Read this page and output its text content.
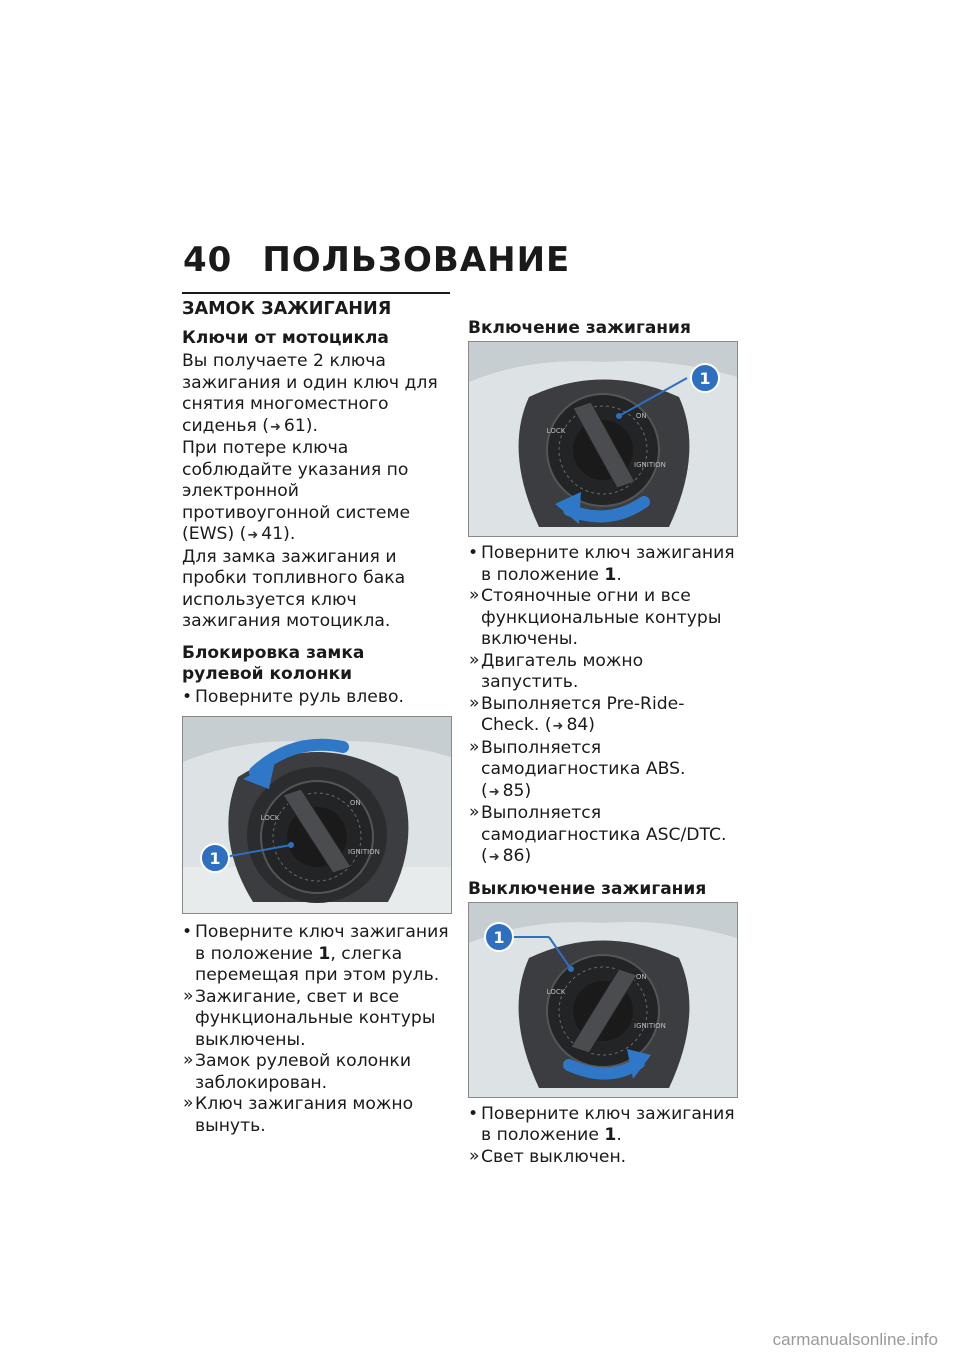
40 ПОЛЬЗОВАНИЕ
ЗАМОК ЗАЖИГАНИЯ
Ключи от мотоцикла

Вы получаете 2 ключа зажигания и один ключ для снятия многоместного сиденья (➜ 61).

При потере ключа соблюдайте указания по электронной противоугонной системе (EWS) (➜ 41).

Для замка зажигания и пробки топливного бака используется ключ зажигания мотоцикла.

Блокировка замка рулевой колонки
• Поверните руль влево.
1
LOCK
IGNITION
ON
• Поверните ключ зажигания в положение 1, слегка перемещая при этом руль.
» Зажигание, свет и все функциональные контуры выключены.
» Замок рулевой колонки заблокирован.
» Ключ зажигания можно вынуть.
Включение зажигания
1
LOCK
IGNITION
ON
• Поверните ключ зажигания в положение 1.
» Стояночные огни и все функциональные контуры включены.
» Двигатель можно запустить.
» Выполняется Pre-Ride-Check. (➜ 84)
» Выполняется самодиагностика ABS. (➜ 85)
» Выполняется самодиагностика ASC/DTC. (➜ 86)
Выключение зажигания
1
LOCK
IGNITION
ON
• Поверните ключ зажигания в положение 1.
» Свет выключен.
carmanualsonline.info
